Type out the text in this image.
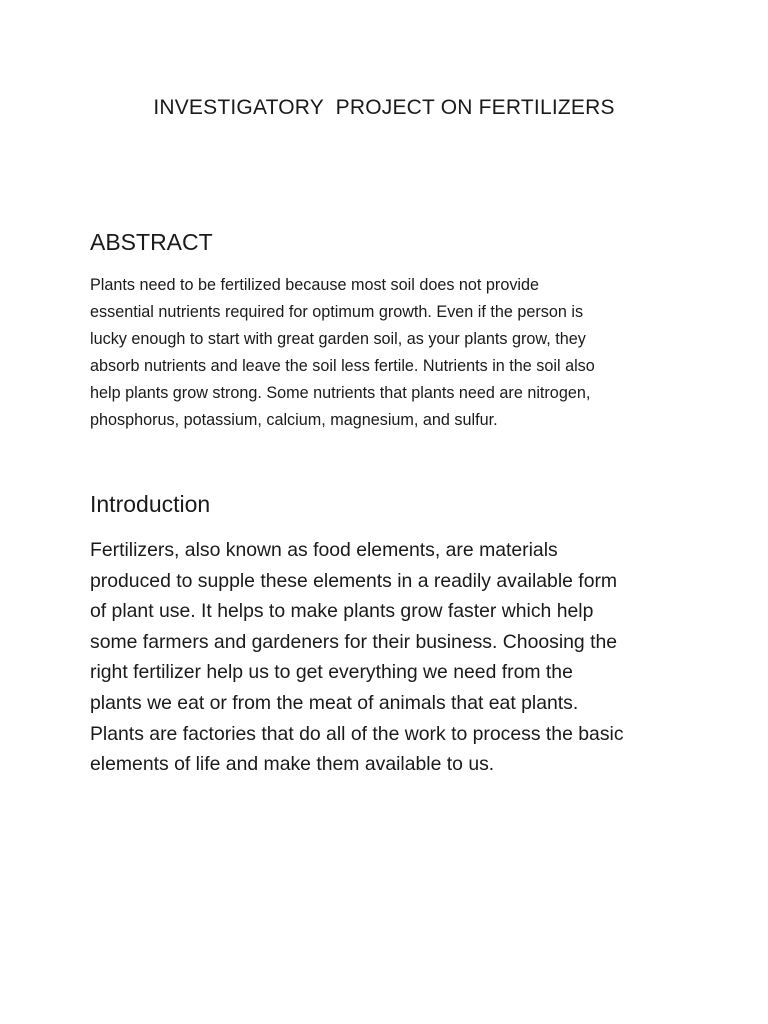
INVESTIGATORY  PROJECT ON FERTILIZERS
ABSTRACT

Plants need to be fertilized because most soil does not provide
essential nutrients required for optimum growth. Even if the person is
lucky enough to start with great garden soil, as your plants grow, they
absorb nutrients and leave the soil less fertile. Nutrients in the soil also
help plants grow strong. Some nutrients that plants need are nitrogen,
phosphorus, potassium, calcium, magnesium, and sulfur.

Introduction

Fertilizers, also known as food elements, are materials
produced to supple these elements in a readily available form
of plant use. It helps to make plants grow faster which help
some farmers and gardeners for their business. Choosing the
right fertilizer help us to get everything we need from the
plants we eat or from the meat of animals that eat plants.
Plants are factories that do all of the work to process the basic
elements of life and make them available to us.
